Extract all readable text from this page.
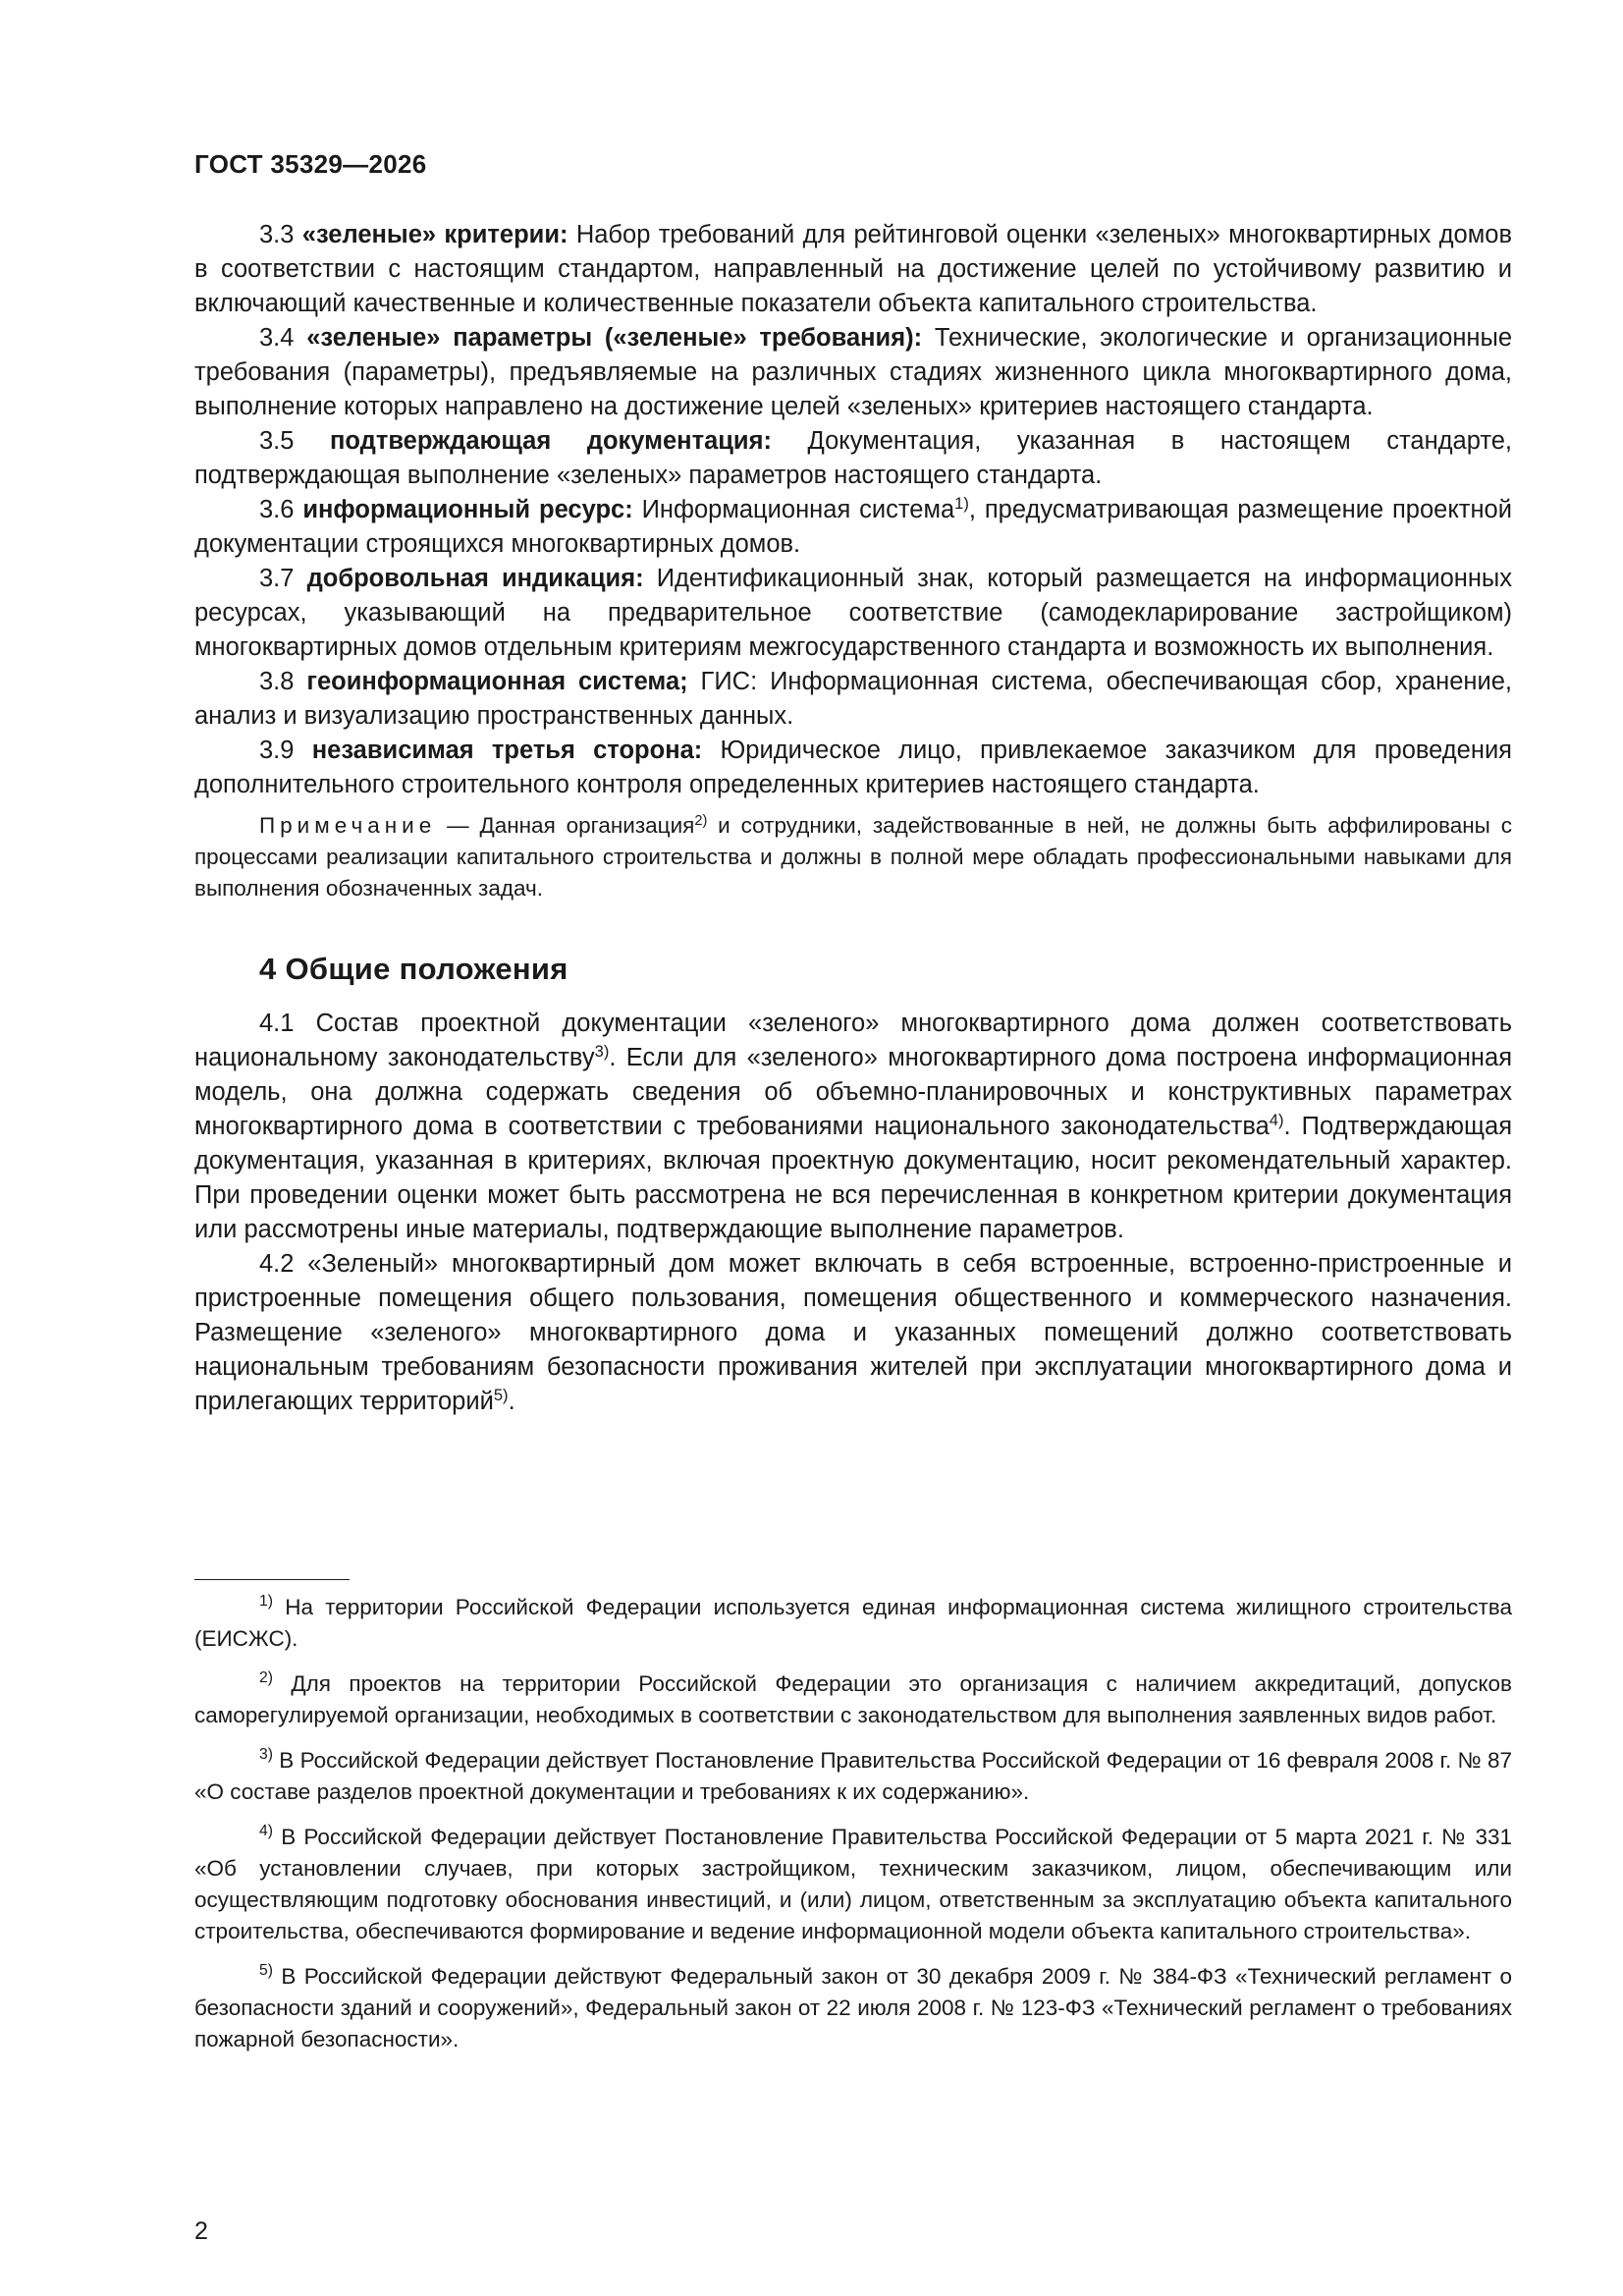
ГОСТ 35329—2026

3.3 «зеленые» критерии: Набор требований для рейтинговой оценки «зеленых» многоквартирных домов в соответствии с настоящим стандартом, направленный на достижение целей по устойчивому развитию и включающий качественные и количественные показатели объекта капитального строительства.

3.4 «зеленые» параметры («зеленые» требования): Технические, экологические и организационные требования (параметры), предъявляемые на различных стадиях жизненного цикла многоквартирного дома, выполнение которых направлено на достижение целей «зеленых» критериев настоящего стандарта.

3.5 подтверждающая документация: Документация, указанная в настоящем стандарте, подтверждающая выполнение «зеленых» параметров настоящего стандарта.

3.6 информационный ресурс: Информационная система$^{1)}$, предусматривающая размещение проектной документации строящихся многоквартирных домов.

3.7 добровольная индикация: Идентификационный знак, который размещается на информационных ресурсах, указывающий на предварительное соответствие (самодекларирование застройщиком) многоквартирных домов отдельным критериям межгосударственного стандарта и возможность их выполнения.

3.8 геоинформационная система; ГИС: Информационная система, обеспечивающая сбор, хранение, анализ и визуализацию пространственных данных.

3.9 независимая третья сторона: Юридическое лицо, привлекаемое заказчиком для проведения дополнительного строительного контроля определенных критериев настоящего стандарта.

Примечание — Данная организация$^{2)}$ и сотрудники, задействованные в ней, не должны быть аффилированы с процессами реализации капитального строительства и должны в полной мере обладать профессиональными навыками для выполнения обозначенных задач.

4 Общие положения

4.1 Состав проектной документации «зеленого» многоквартирного дома должен соответствовать национальному законодательству$^{3)}$. Если для «зеленого» многоквартирного дома построена информационная модель, она должна содержать сведения об объемно-планировочных и конструктивных параметрах многоквартирного дома в соответствии с требованиями национального законодательства$^{4)}$. Подтверждающая документация, указанная в критериях, включая проектную документацию, носит рекомендательный характер. При проведении оценки может быть рассмотрена не вся перечисленная в конкретном критерии документация или рассмотрены иные материалы, подтверждающие выполнение параметров.

4.2 «Зеленый» многоквартирный дом может включать в себя встроенные, встроенно-пристроенные и пристроенные помещения общего пользования, помещения общественного и коммерческого назначения. Размещение «зеленого» многоквартирного дома и указанных помещений должно соответствовать национальным требованиям безопасности проживания жителей при эксплуатации многоквартирного дома и прилегающих территорий$^{5)}$.

$^{1)}$ На территории Российской Федерации используется единая информационная система жилищного строительства (ЕИСЖС).

$^{2)}$ Для проектов на территории Российской Федерации это организация с наличием аккредитаций, допусков саморегулируемой организации, необходимых в соответствии с законодательством для выполнения заявленных видов работ.

$^{3)}$ В Российской Федерации действует Постановление Правительства Российской Федерации от 16 февраля 2008 г. № 87 «О составе разделов проектной документации и требованиях к их содержанию».

$^{4)}$ В Российской Федерации действует Постановление Правительства Российской Федерации от 5 марта 2021 г. № 331 «Об установлении случаев, при которых застройщиком, техническим заказчиком, лицом, обеспечивающим или осуществляющим подготовку обоснования инвестиций, и (или) лицом, ответственным за эксплуатацию объекта капитального строительства, обеспечиваются формирование и ведение информационной модели объекта капитального строительства».

$^{5)}$ В Российской Федерации действуют Федеральный закон от 30 декабря 2009 г. № 384-ФЗ «Технический регламент о безопасности зданий и сооружений», Федеральный закон от 22 июля 2008 г. № 123-ФЗ «Технический регламент о требованиях пожарной безопасности».

2
